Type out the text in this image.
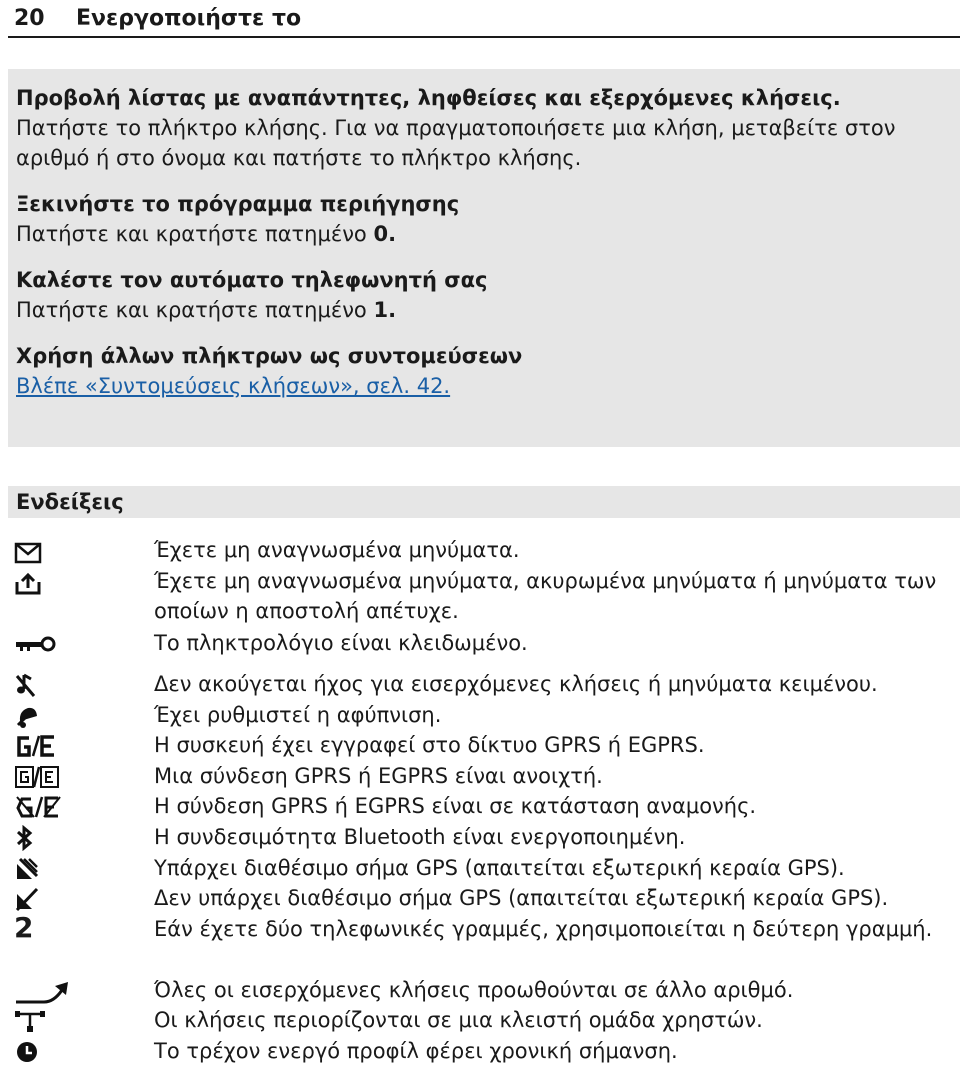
20	Ενεργοποιήστε το

Προβολή λίστας με αναπάντητες, ληφθείσες και εξερχόμενες κλήσεις.

Πατήστε το πλήκτρο κλήσης. Για να πραγματοποιήσετε μια κλήση, μεταβείτε στον αριθμό ή στο όνομα και πατήστε το πλήκτρο κλήσης.

Ξεκινήστε το πρόγραμμα περιήγησης

Πατήστε και κρατήστε πατημένο 0.

Καλέστε τον αυτόματο τηλεφωνητή σας

Πατήστε και κρατήστε πατημένο 1.

Χρήση άλλων πλήκτρων ως συντομεύσεων

Βλέπε «Συντομεύσεις κλήσεων», σελ. 42.
Ενδείξεις
Έχετε μη αναγνωσμένα μηνύματα.
Έχετε μη αναγνωσμένα μηνύματα, ακυρωμένα μηνύματα ή μηνύματα των οποίων η αποστολή απέτυχε.
Το πληκτρολόγιο είναι κλειδωμένο.
Δεν ακούγεται ήχος για εισερχόμενες κλήσεις ή μηνύματα κειμένου.
Έχει ρυθμιστεί η αφύπνιση.
Η συσκευή έχει εγγραφεί στο δίκτυο GPRS ή EGPRS.
Μια σύνδεση GPRS ή EGPRS είναι ανοιχτή.
Η σύνδεση GPRS ή EGPRS είναι σε κατάσταση αναμονής.
Η συνδεσιμότητα Bluetooth είναι ενεργοποιημένη.
Υπάρχει διαθέσιμο σήμα GPS (απαιτείται εξωτερική κεραία GPS).
Δεν υπάρχει διαθέσιμο σήμα GPS (απαιτείται εξωτερική κεραία GPS).
2	Εάν έχετε δύο τηλεφωνικές γραμμές, χρησιμοποιείται η δεύτερη γραμμή.
Όλες οι εισερχόμενες κλήσεις προωθούνται σε άλλο αριθμό.
Οι κλήσεις περιορίζονται σε μια κλειστή ομάδα χρηστών.
Το τρέχον ενεργό προφίλ φέρει χρονική σήμανση.
